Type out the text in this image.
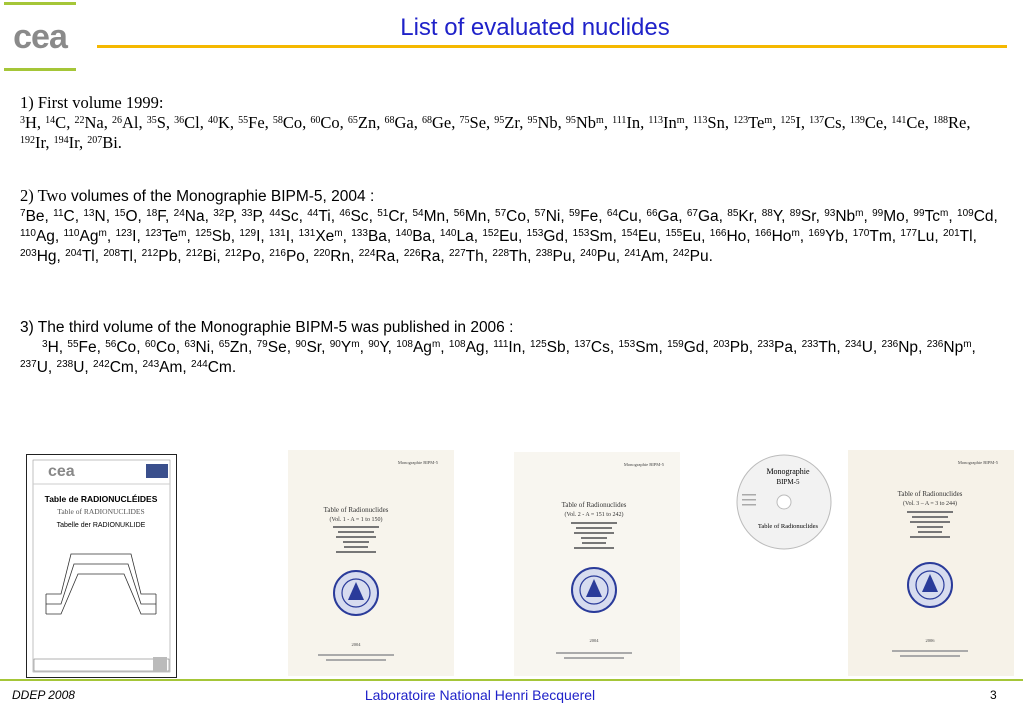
cea	List of evaluated nuclides
1) First volume 1999:
$^3$H, $^{14}$C, $^{22}$Na, $^{26}$Al, $^{35}$S, $^{36}$Cl, $^{40}$K, $^{55}$Fe, $^{58}$Co, $^{60}$Co, $^{65}$Zn, $^{68}$Ga, $^{68}$Ge, $^{75}$Se, $^{95}$Zr, $^{95}$Nb, $^{95}$Nb$^m$, $^{111}$In, $^{113}$In$^m$, $^{113}$Sn, $^{123}$Te$^m$, $^{125}$I, $^{137}$Cs, $^{139}$Ce, $^{141}$Ce, $^{188}$Re, $^{192}$Ir, $^{194}$Ir, $^{207}$Bi.
2) Two volumes of the Monographie BIPM-5, 2004 :
$^7$Be, $^{11}$C, $^{13}$N, $^{15}$O, $^{18}$F, $^{24}$Na, $^{32}$P, $^{33}$P, $^{44}$Sc, $^{44}$Ti, $^{46}$Sc, $^{51}$Cr, $^{54}$Mn, $^{56}$Mn, $^{57}$Co, $^{57}$Ni, $^{59}$Fe, $^{64}$Cu, $^{66}$Ga, $^{67}$Ga, $^{85}$Kr, $^{88}$Y, $^{89}$Sr, $^{93}$Nb$^m$, $^{99}$Mo, $^{99}$Tc$^m$, $^{109}$Cd, $^{110}$Ag, $^{110}$Ag$^m$, $^{123}$I, $^{123}$Te$^m$, $^{125}$Sb, $^{129}$I, $^{131}$I, $^{131}$Xe$^m$, $^{133}$Ba, $^{140}$Ba, $^{140}$La, $^{152}$Eu, $^{153}$Gd, $^{153}$Sm, $^{154}$Eu, $^{155}$Eu, $^{166}$Ho, $^{166}$Ho$^m$, $^{169}$Yb, $^{170}$Tm, $^{177}$Lu, $^{201}$Tl, $^{203}$Hg, $^{204}$Tl, $^{208}$Tl, $^{212}$Pb, $^{212}$Bi, $^{212}$Po, $^{216}$Po, $^{220}$Rn, $^{224}$Ra, $^{226}$Ra, $^{227}$Th, $^{228}$Th, $^{238}$Pu, $^{240}$Pu, $^{241}$Am, $^{242}$Pu.
3) The third volume of the Monographie BIPM-5 was published in 2006 :
$^3$H, $^{55}$Fe, $^{56}$Co, $^{60}$Co, $^{63}$Ni, $^{65}$Zn, $^{79}$Se, $^{90}$Sr, $^{90}Y^m$, $^{90}$Y, $^{108}$Ag$^m$, $^{108}$Ag, $^{111}$In, $^{125}$Sb, $^{137}$Cs, $^{153}$Sm, $^{159}$Gd, $^{203}$Pb, $^{233}$Pa, $^{233}$Th, $^{234}$U, $^{236}$Np, $^{236}$Np$^m$, $^{237}$U, $^{238}$U, $^{242}$Cm, $^{243}$Am, $^{244}$Cm.
cea
Table de RADIONUCLÉIDES
Table of RADIONUCLIDES
Tabelle der RADIONUKLIDE
Monographie BIPM-5
Table of Radionuclides
(Vol. 1 - A = 1 to 150)
2004
Monographie BIPM-5
Table of Radionuclides
(Vol. 2 - A = 151 to 242)
2004
Monographie
BIPM-5
Table of Radionuclides
Monographie BIPM-5
Table of Radionuclides
(Vol. 3 – A = 3 to 244)
2006
DDEP 2008	Laboratoire National Henri Becquerel	3
